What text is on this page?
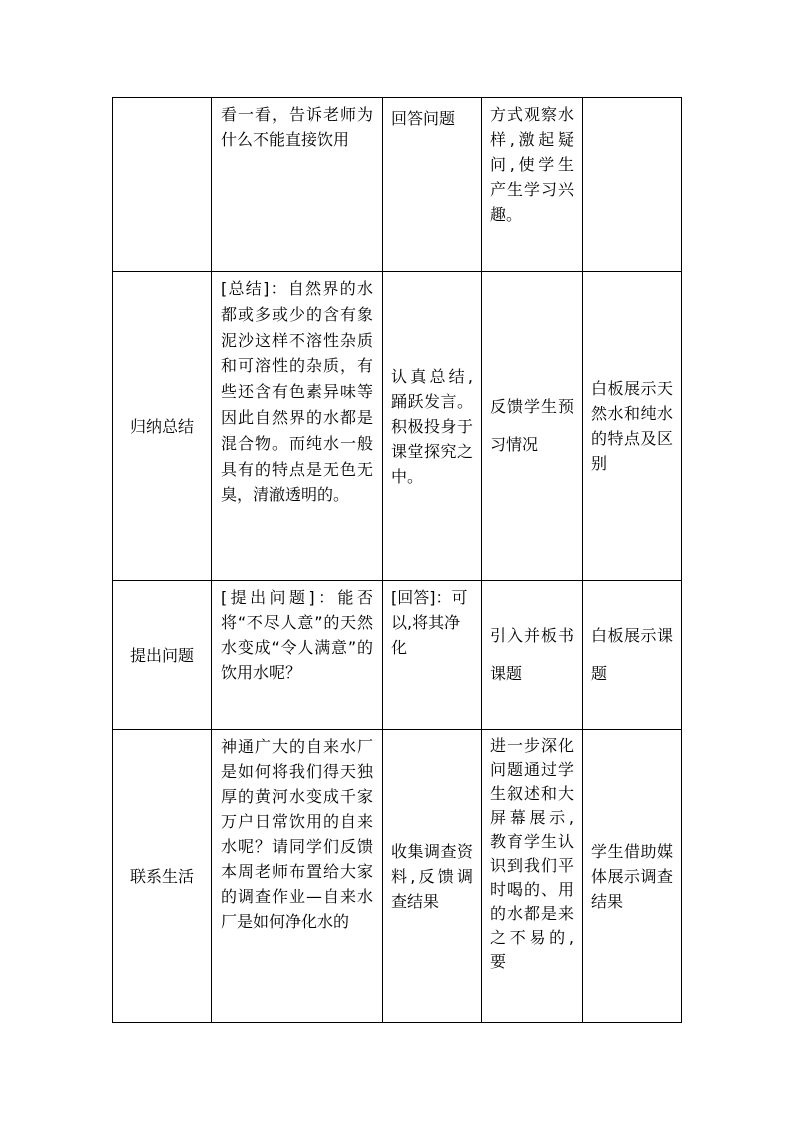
	看一看，告诉老师为什么不能直接饮用	回答问题	方式观察水样,激起疑问,使学生产生学习兴趣。	

归纳总结	[总结]：自然界的水都或多或少的含有象泥沙这样不溶性杂质和可溶性的杂质，有些还含有色素异味等因此自然界的水都是混合物。而纯水一般具有的特点是无色无臭，清澈透明的。	认真总结,踊跃发言。积极投身于课堂探究之中。	反馈学生预习情况	白板展示天然水和纯水的特点及区别

提出问题	[提出问题]：能否将“不尽人意”的天然水变成“令人满意”的饮用水呢？	[回答]：可以,将其净化	引入并板书课题	白板展示课题

联系生活	神通广大的自来水厂是如何将我们得天独厚的黄河水变成千家万户日常饮用的自来水呢？请同学们反馈本周老师布置给大家的调查作业—自来水厂是如何净化水的	收集调查资料,反馈调查结果	进一步深化问题通过学生叙述和大屏幕展示,教育学生认识到我们平时喝的、用的水都是来之不易的,要	学生借助媒体展示调查结果
